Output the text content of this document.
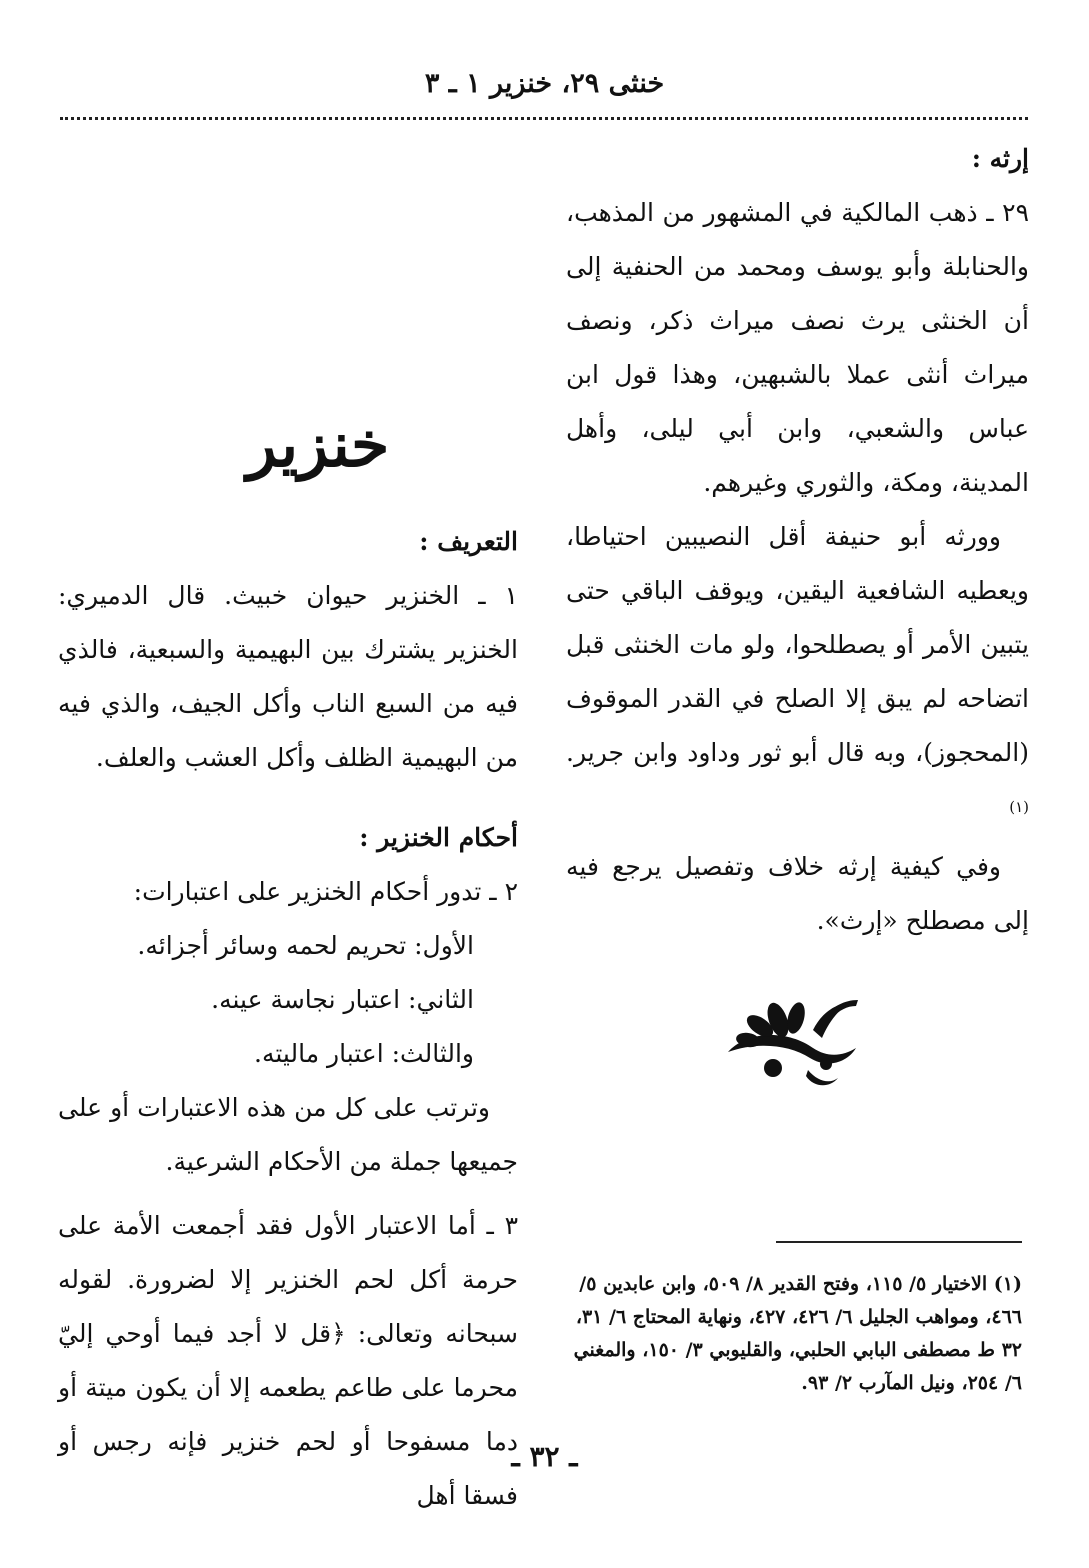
خنثى ٢٩، خنزير ١ ـ ٣

إرثه :

٢٩ ـ ذهب المالكية في المشهور من المذهب، والحنابلة وأبو يوسف ومحمد من الحنفية إلى أن الخنثى يرث نصف ميراث ذكر، ونصف ميراث أنثى عملا بالشبهين، وهذا قول ابن عباس والشعبي، وابن أبي ليلى، وأهل المدينة، ومكة، والثوري وغيرهم.

وورثه أبو حنيفة أقل النصيبين احتياطا، ويعطيه الشافعية اليقين، ويوقف الباقي حتى يتبين الأمر أو يصطلحوا، ولو مات الخنثى قبل اتضاحه لم يبق إلا الصلح في القدر الموقوف (المحجوز)، وبه قال أبو ثور وداود وابن جرير. $^{(١)}$

وفي كيفية إرثه خلاف وتفصيل يرجع فيه إلى مصطلح «إرث».

(١) الاختيار ٥/ ١١٥، وفتح القدير ٨/ ٥٠٩، وابن عابدين ٥/ ٤٦٦، ومواهب الجليل ٦/ ٤٢٦، ٤٢٧، ونهاية المحتاج ٦/ ٣١، ٣٢ ط مصطفى البابي الحلبي، والقليوبي ٣/ ١٥٠، والمغني ٦/ ٢٥٤، ونيل المآرب ٢/ ٩٣.

خنزير

التعريف :

١ ـ الخنزير حيوان خبيث. قال الدميري: الخنزير يشترك بين البهيمية والسبعية، فالذي فيه من السبع الناب وأكل الجيف، والذي فيه من البهيمية الظلف وأكل العشب والعلف.

أحكام الخنزير :

٢ ـ تدور أحكام الخنزير على اعتبارات:

الأول: تحريم لحمه وسائر أجزائه.

الثاني: اعتبار نجاسة عينه.

والثالث: اعتبار ماليته.

وترتب على كل من هذه الاعتبارات أو على جميعها جملة من الأحكام الشرعية.

٣ ـ أما الاعتبار الأول فقد أجمعت الأمة على حرمة أكل لحم الخنزير إلا لضرورة. لقوله سبحانه وتعالى: ﴿قل لا أجد فيما أوحي إليّ محرما على طاعم يطعمه إلا أن يكون ميتة أو دما مسفوحا أو لحم خنزير فإنه رجس أو فسقا أهل

ـ ٣٢ ـ
